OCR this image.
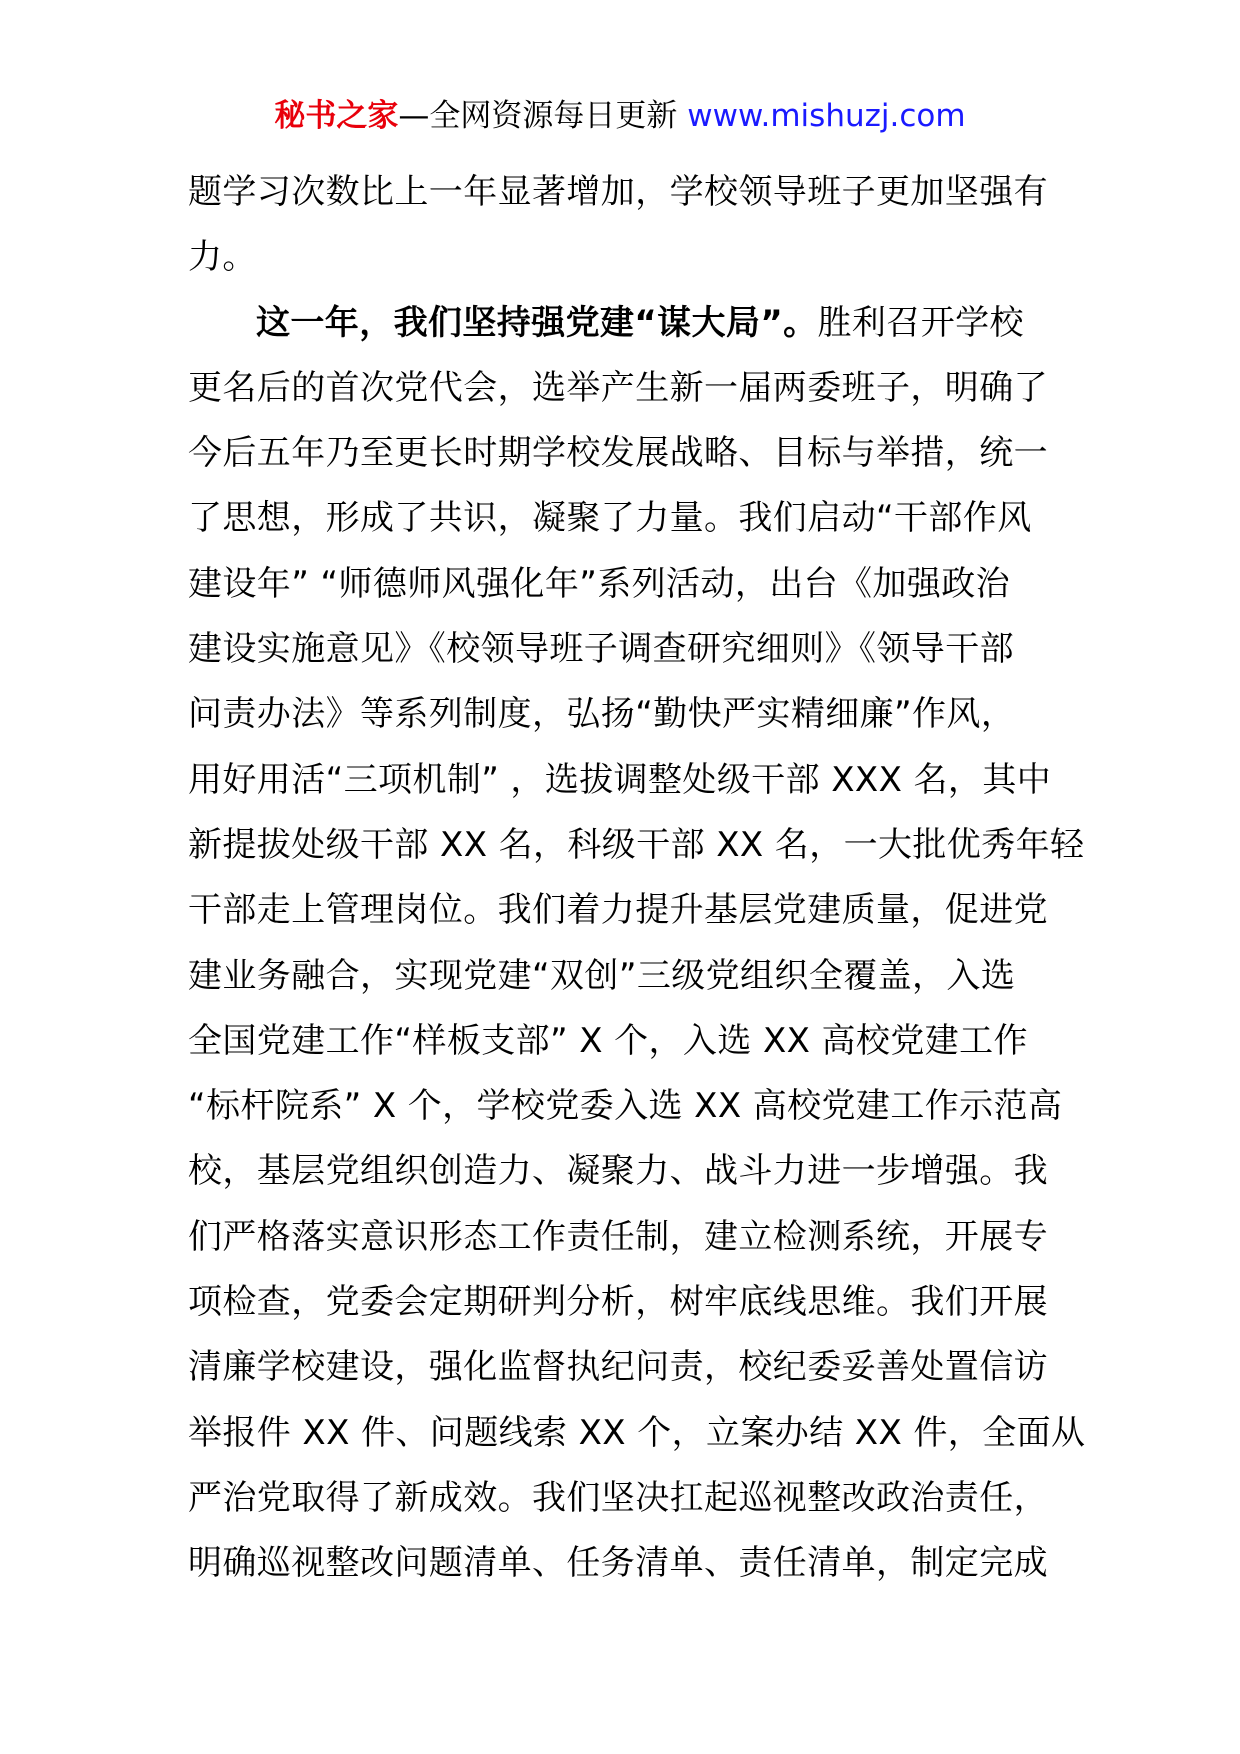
秘书之家—全网资源每日更新 www.mishuzj.com
题学习次数比上一年显著增加，学校领导班子更加坚强有
力。
这一年，我们坚持强党建“谋大局”。胜利召开学校
更名后的首次党代会，选举产生新一届两委班子，明确了
今后五年乃至更长时期学校发展战略、目标与举措，统一
了思想，形成了共识，凝聚了力量。我们启动“干部作风
建设年” “师德师风强化年”系列活动，出台《加强政治
建设实施意见》《校领导班子调查研究细则》《领导干部
问责办法》等系列制度，弘扬“勤快严实精细廉”作风，
用好用活“三项机制” ，选拔调整处级干部 XXX 名，其中
新提拔处级干部 XX 名，科级干部 XX 名，一大批优秀年轻
干部走上管理岗位。我们着力提升基层党建质量，促进党
建业务融合，实现党建“双创”三级党组织全覆盖，入选
全国党建工作“样板支部” X 个，入选 XX 高校党建工作
“标杆院系” X 个，学校党委入选 XX 高校党建工作示范高
校，基层党组织创造力、凝聚力、战斗力进一步增强。我
们严格落实意识形态工作责任制，建立检测系统，开展专
项检查，党委会定期研判分析，树牢底线思维。我们开展
清廉学校建设，强化监督执纪问责，校纪委妥善处置信访
举报件 XX 件、问题线索 XX 个，立案办结 XX 件，全面从
严治党取得了新成效。我们坚决扛起巡视整改政治责任，
明确巡视整改问题清单、任务清单、责任清单，制定完成
